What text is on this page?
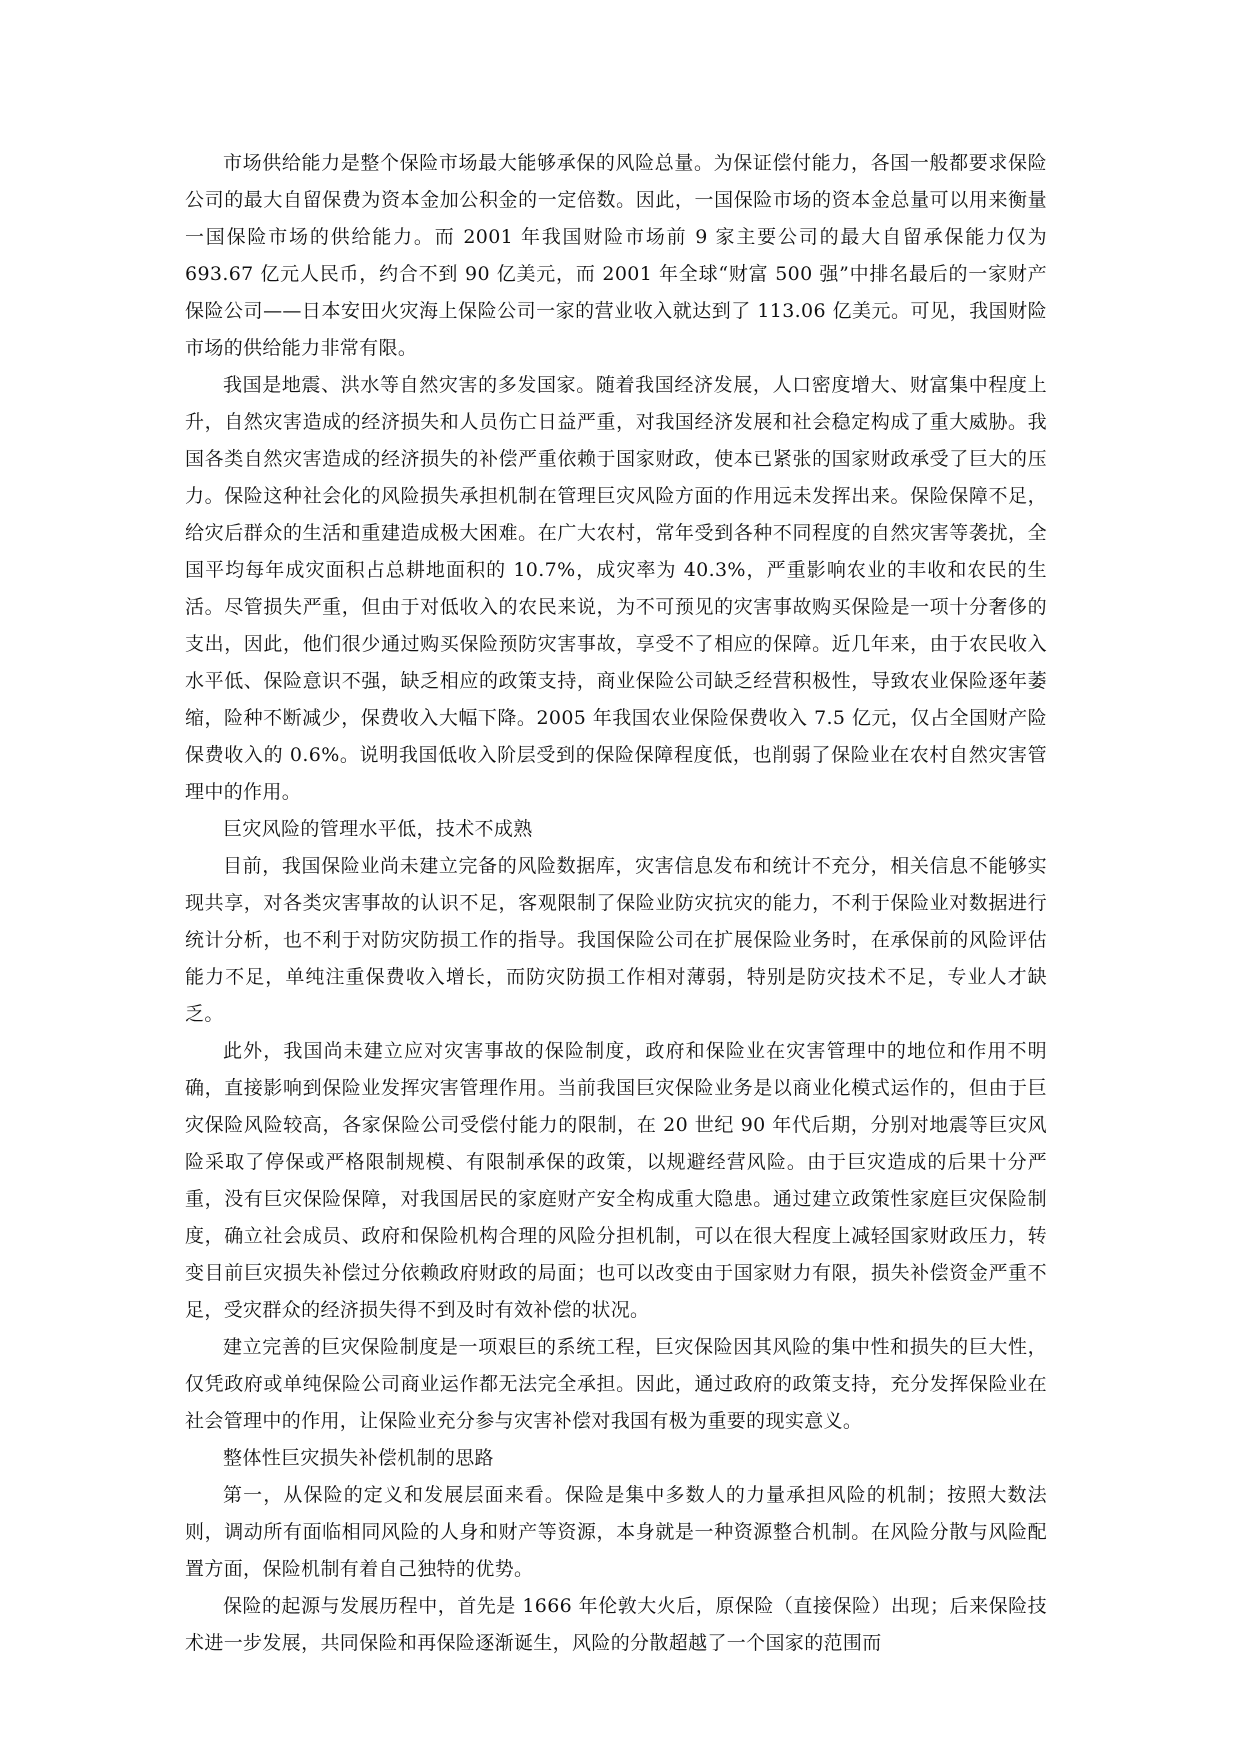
市场供给能力是整个保险市场最大能够承保的风险总量。为保证偿付能力，各国一般都要求保险公司的最大自留保费为资本金加公积金的一定倍数。因此，一国保险市场的资本金总量可以用来衡量一国保险市场的供给能力。而 2001 年我国财险市场前 9 家主要公司的最大自留承保能力仅为 693.67 亿元人民币，约合不到 90 亿美元，而 2001 年全球“财富 500 强”中排名最后的一家财产保险公司——日本安田火灾海上保险公司一家的营业收入就达到了 113.06 亿美元。可见，我国财险市场的供给能力非常有限。

我国是地震、洪水等自然灾害的多发国家。随着我国经济发展，人口密度增大、财富集中程度上升，自然灾害造成的经济损失和人员伤亡日益严重，对我国经济发展和社会稳定构成了重大威胁。我国各类自然灾害造成的经济损失的补偿严重依赖于国家财政，使本已紧张的国家财政承受了巨大的压力。保险这种社会化的风险损失承担机制在管理巨灾风险方面的作用远未发挥出来。保险保障不足，给灾后群众的生活和重建造成极大困难。在广大农村，常年受到各种不同程度的自然灾害等袭扰，全国平均每年成灾面积占总耕地面积的 10.7%，成灾率为 40.3%，严重影响农业的丰收和农民的生活。尽管损失严重，但由于对低收入的农民来说，为不可预见的灾害事故购买保险是一项十分奢侈的支出，因此，他们很少通过购买保险预防灾害事故，享受不了相应的保障。近几年来，由于农民收入水平低、保险意识不强，缺乏相应的政策支持，商业保险公司缺乏经营积极性，导致农业保险逐年萎缩，险种不断减少，保费收入大幅下降。2005 年我国农业保险保费收入 7.5 亿元，仅占全国财产险保费收入的 0.6%。说明我国低收入阶层受到的保险保障程度低，也削弱了保险业在农村自然灾害管理中的作用。

巨灾风险的管理水平低，技术不成熟

目前，我国保险业尚未建立完备的风险数据库，灾害信息发布和统计不充分，相关信息不能够实现共享，对各类灾害事故的认识不足，客观限制了保险业防灾抗灾的能力，不利于保险业对数据进行统计分析，也不利于对防灾防损工作的指导。我国保险公司在扩展保险业务时，在承保前的风险评估能力不足，单纯注重保费收入增长，而防灾防损工作相对薄弱，特别是防灾技术不足，专业人才缺乏。

此外，我国尚未建立应对灾害事故的保险制度，政府和保险业在灾害管理中的地位和作用不明确，直接影响到保险业发挥灾害管理作用。当前我国巨灾保险业务是以商业化模式运作的，但由于巨灾保险风险较高，各家保险公司受偿付能力的限制，在 20 世纪 90 年代后期，分别对地震等巨灾风险采取了停保或严格限制规模、有限制承保的政策，以规避经营风险。由于巨灾造成的后果十分严重，没有巨灾保险保障，对我国居民的家庭财产安全构成重大隐患。通过建立政策性家庭巨灾保险制度，确立社会成员、政府和保险机构合理的风险分担机制，可以在很大程度上减轻国家财政压力，转变目前巨灾损失补偿过分依赖政府财政的局面；也可以改变由于国家财力有限，损失补偿资金严重不足，受灾群众的经济损失得不到及时有效补偿的状况。

建立完善的巨灾保险制度是一项艰巨的系统工程，巨灾保险因其风险的集中性和损失的巨大性，仅凭政府或单纯保险公司商业运作都无法完全承担。因此，通过政府的政策支持，充分发挥保险业在社会管理中的作用，让保险业充分参与灾害补偿对我国有极为重要的现实意义。

整体性巨灾损失补偿机制的思路

第一，从保险的定义和发展层面来看。保险是集中多数人的力量承担风险的机制；按照大数法则，调动所有面临相同风险的人身和财产等资源，本身就是一种资源整合机制。在风险分散与风险配置方面，保险机制有着自己独特的优势。

保险的起源与发展历程中，首先是 1666 年伦敦大火后，原保险（直接保险）出现；后来保险技术进一步发展，共同保险和再保险逐渐诞生，风险的分散超越了一个国家的范围而
